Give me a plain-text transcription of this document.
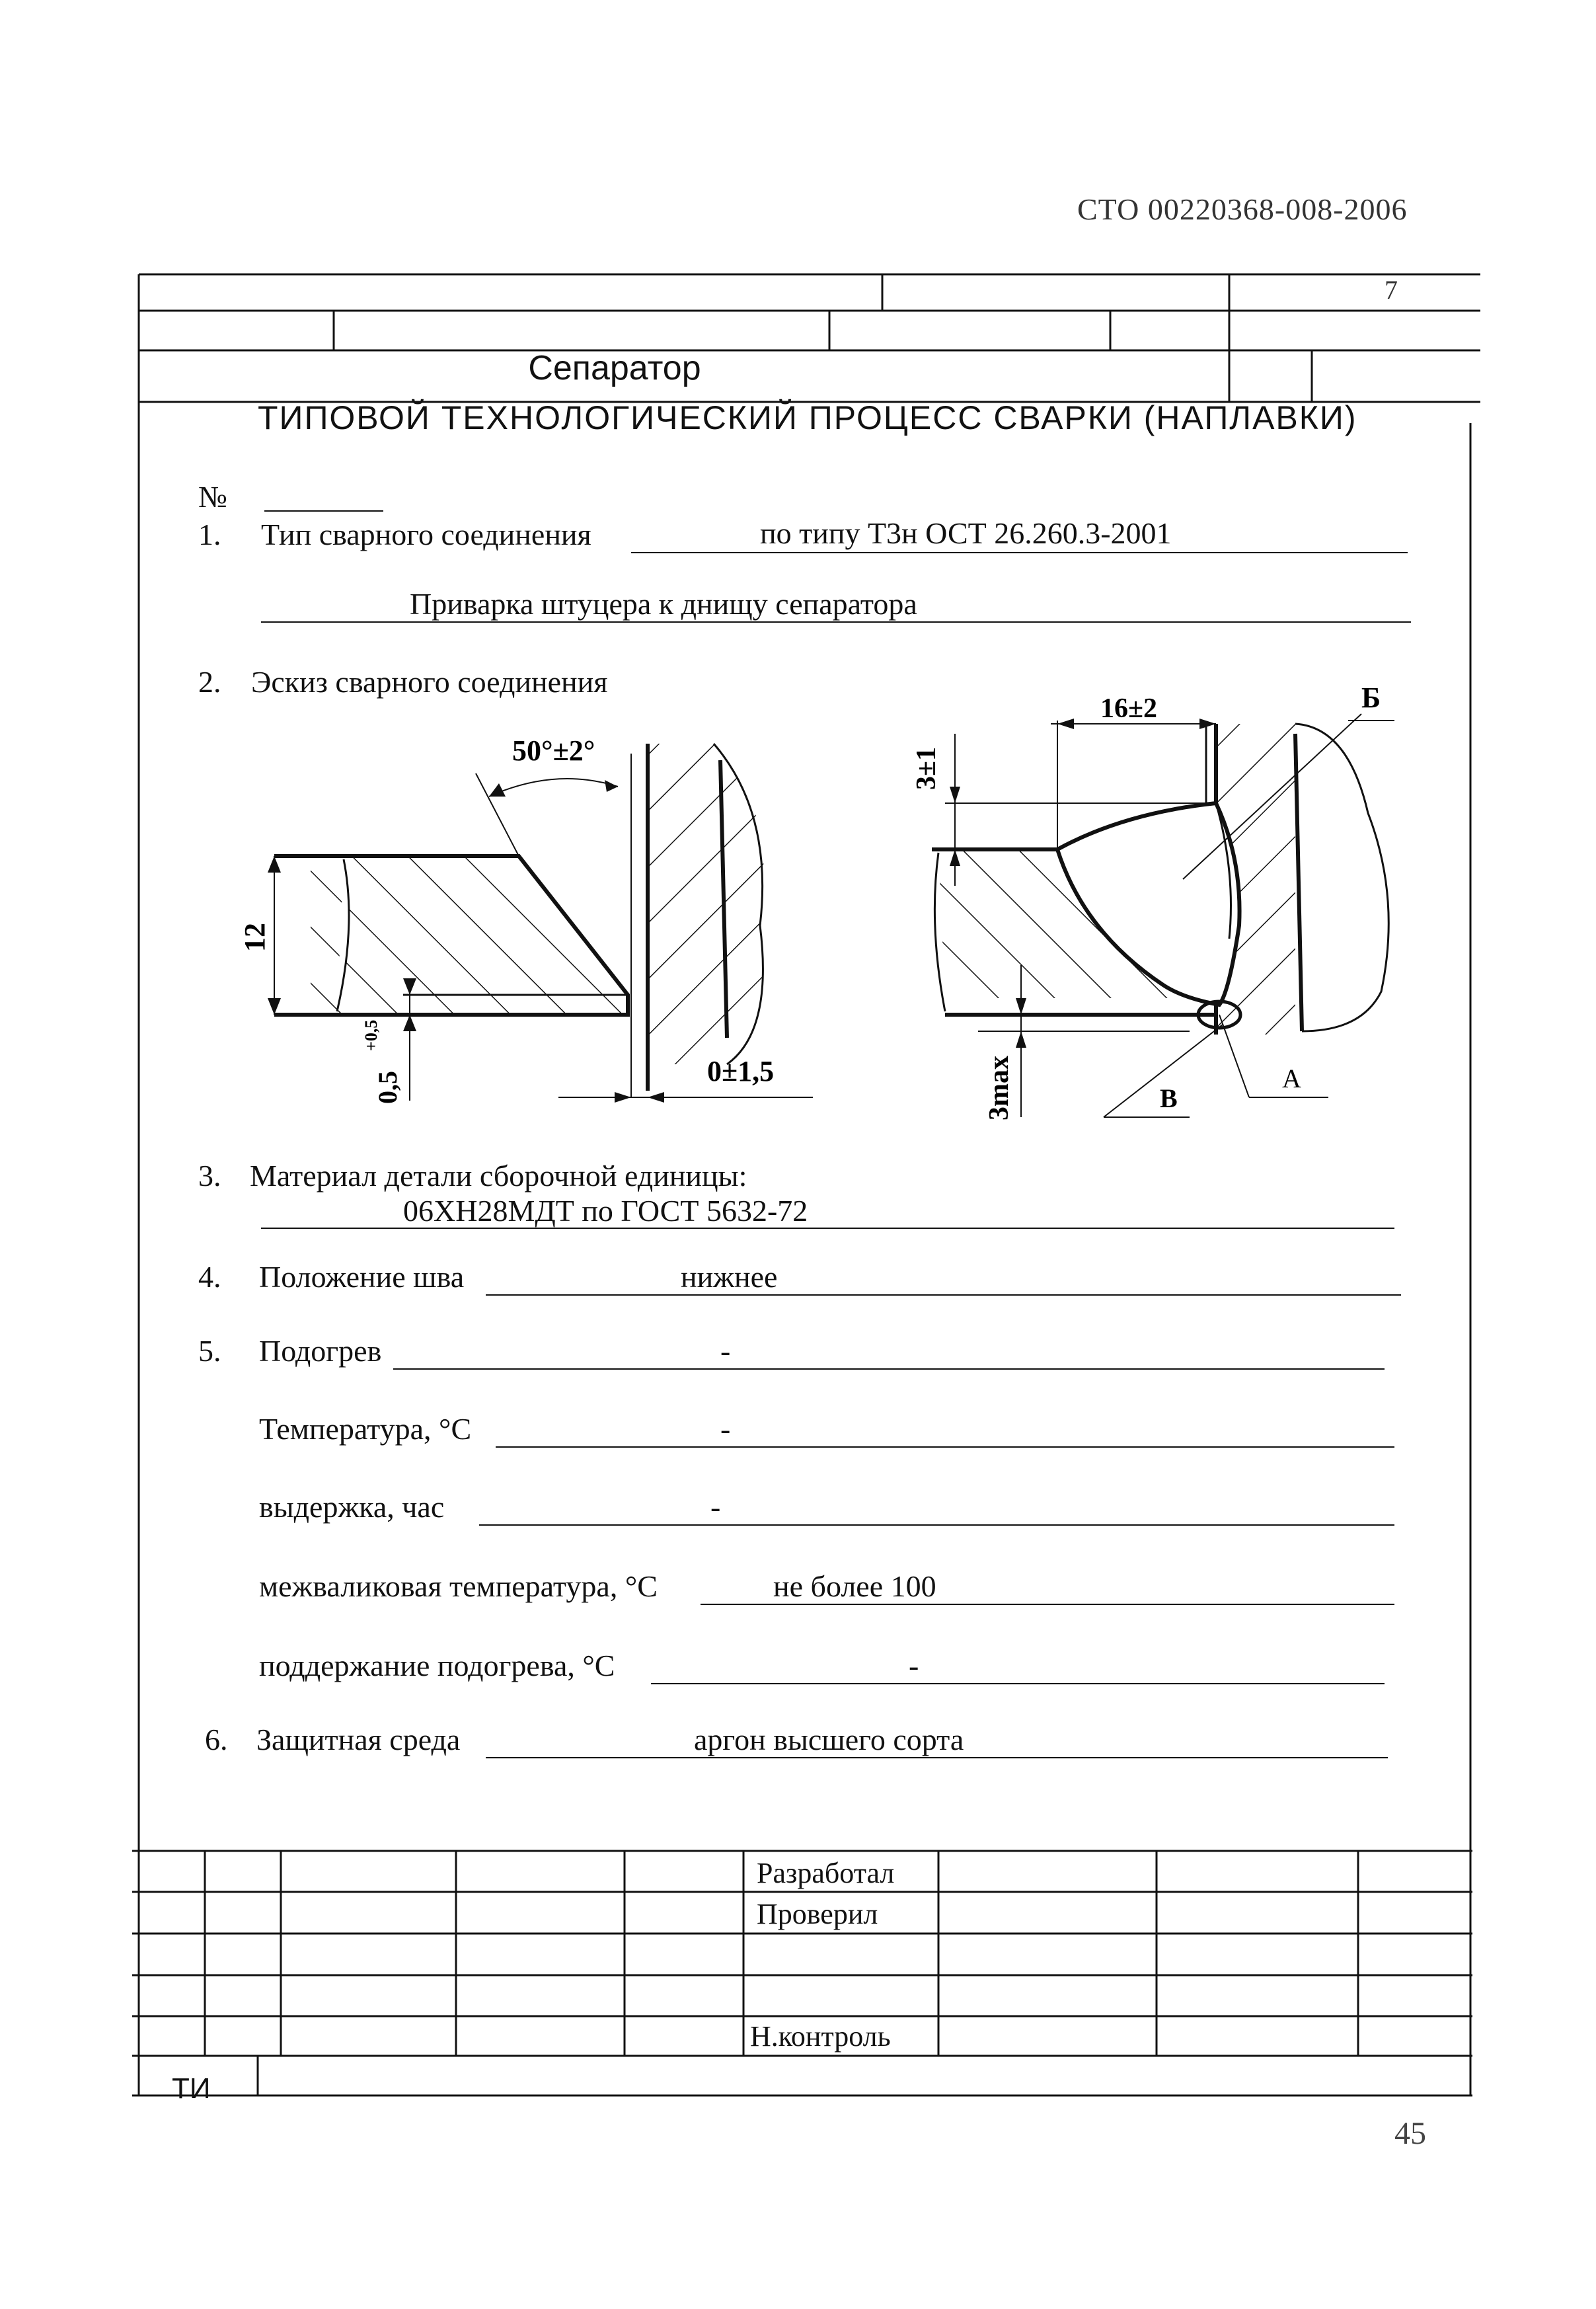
СТО 00220368-008-2006
7
Сепаратор
ТИПОВОЙ ТЕХНОЛОГИЧЕСКИЙ ПРОЦЕСС СВАРКИ (НАПЛАВКИ)
№
1. Тип сварного соединения	по типу Т3н ОСТ 26.260.3-2001
Приварка штуцера к днищу сепаратора
2. Эскиз сварного соединения
50°±2°
12
0,5
+0,5
0±1,5
16±2
3±1
3max
Б
А
В
3. Материал детали сборочной единицы:
06ХН28МДТ по ГОСТ 5632-72
4. Положение шва	нижнее
5. Подогрев	-
Температура, °С	-
выдержка, час	-
межваликовая температура, °С	не более 100
поддержание подогрева, °С	-
6. Защитная среда	аргон высшего сорта
Разработал
Проверил
Н.контроль
ТИ
45
